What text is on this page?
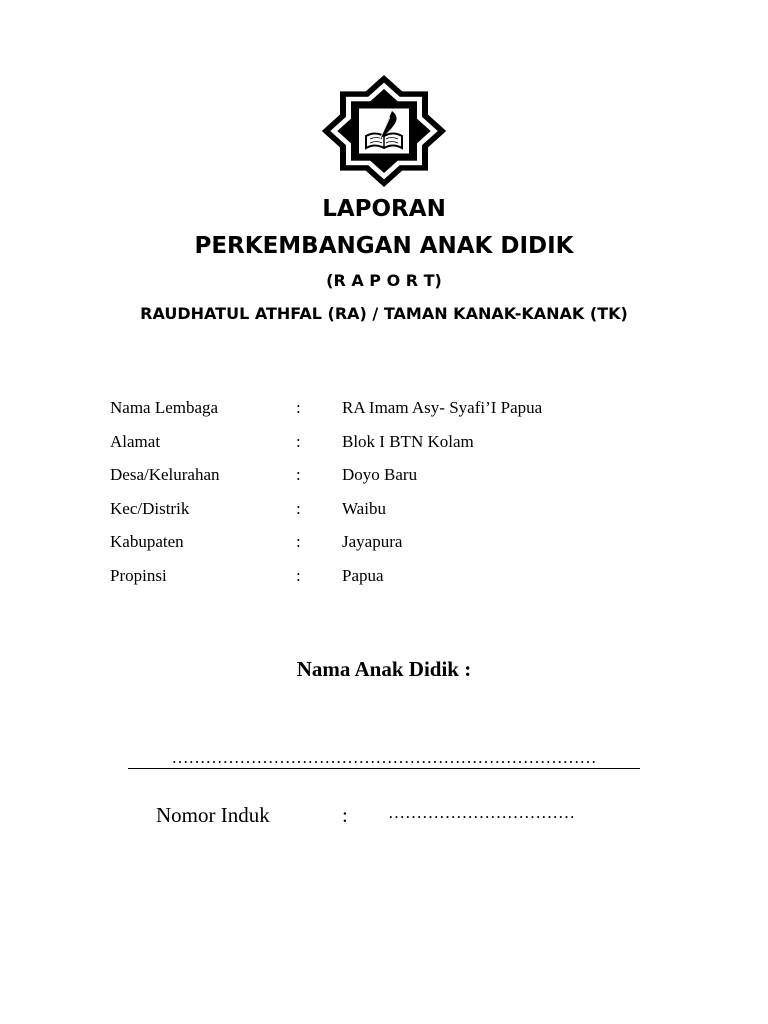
LAPORAN
PERKEMBANGAN ANAK DIDIK
(R A P O R T)
RAUDHATUL ATHFAL (RA) / TAMAN KANAK-KANAK (TK)
Nama Lembaga	: RA Imam Asy- Syafi’I Papua
Alamat	: Blok I BTN Kolam
Desa/Kelurahan	: Doyo Baru
Kec/Distrik	: Waibu
Kabupaten	: Jayapura
Propinsi	: Papua
Nama Anak Didik :
…………………………………………………………………
Nomor Induk	: ……………………………
